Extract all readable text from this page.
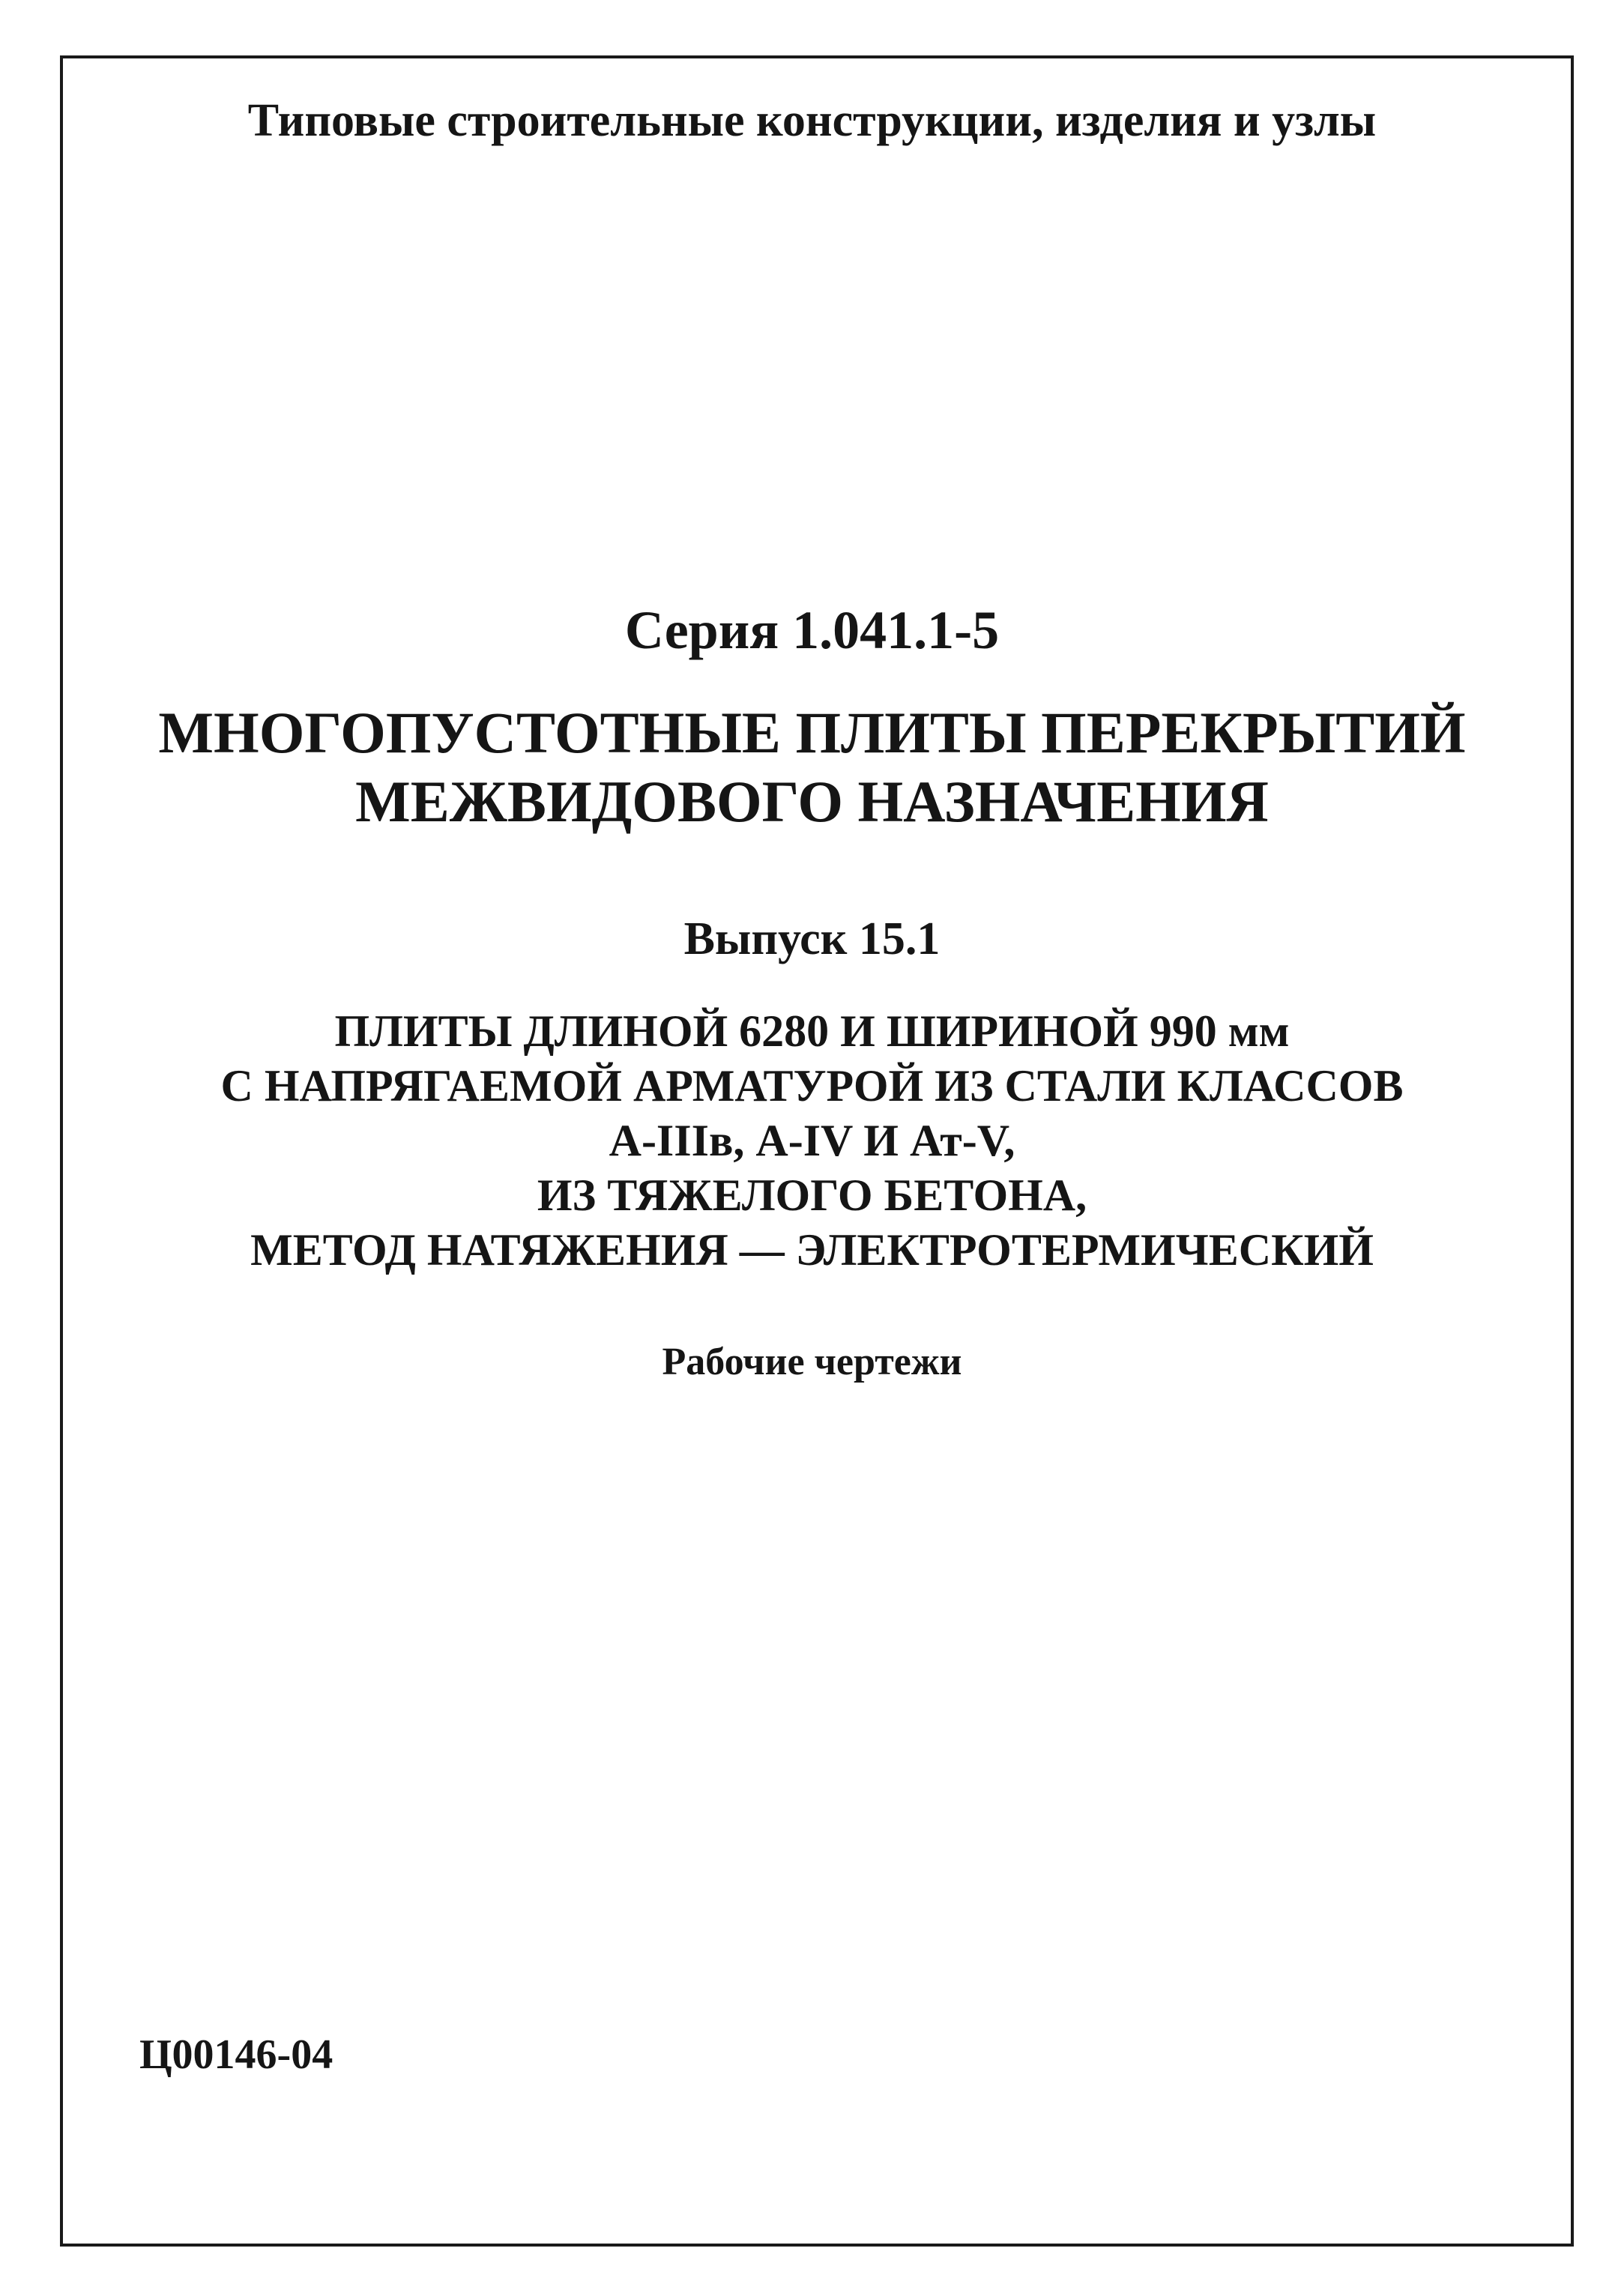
Типовые строительные конструкции, изделия и узлы
Серия 1.041.1-5
МНОГОПУСТОТНЫЕ ПЛИТЫ ПЕРЕКРЫТИЙ
МЕЖВИДОВОГО НАЗНАЧЕНИЯ
Выпуск 15.1
ПЛИТЫ ДЛИНОЙ 6280 И ШИРИНОЙ 990 мм
С НАПРЯГАЕМОЙ АРМАТУРОЙ ИЗ СТАЛИ КЛАССОВ
А-IIIв, А-IV И Ат-V,
ИЗ ТЯЖЕЛОГО БЕТОНА,
МЕТОД НАТЯЖЕНИЯ — ЭЛЕКТРОТЕРМИЧЕСКИЙ
Рабочие чертежи
Ц00146-04
